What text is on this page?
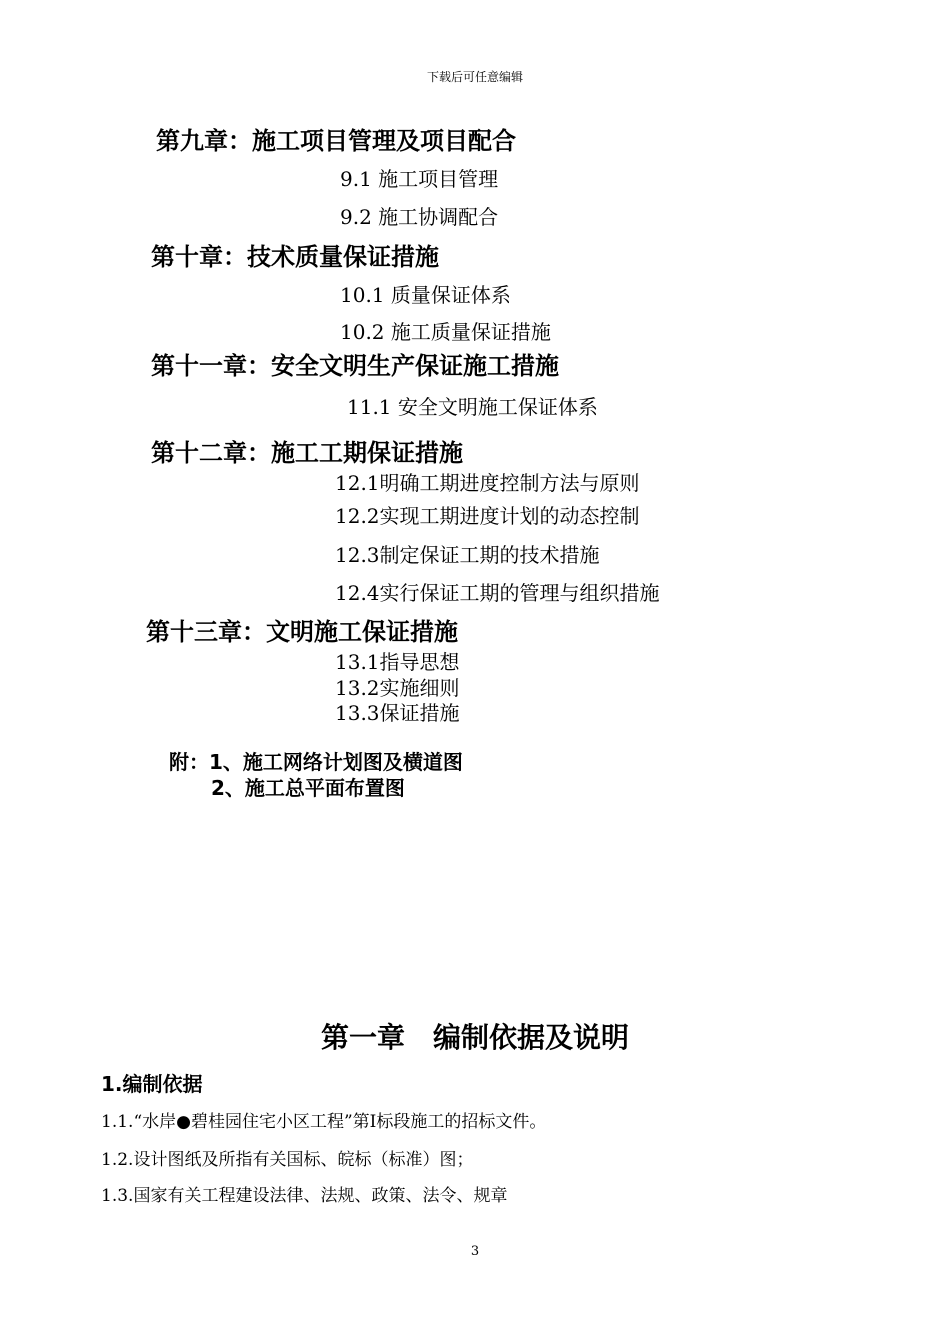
下载后可任意编辑
第九章：施工项目管理及项目配合
9.1 施工项目管理
9.2 施工协调配合
第十章：技术质量保证措施
10.1 质量保证体系
10.2 施工质量保证措施
第十一章：安全文明生产保证施工措施
11.1 安全文明施工保证体系
第十二章：施工工期保证措施
12.1明确工期进度控制方法与原则
12.2实现工期进度计划的动态控制
12.3制定保证工期的技术措施
12.4实行保证工期的管理与组织措施
第十三章：文明施工保证措施
13.1指导思想
13.2实施细则
13.3保证措施
附：1、施工网络计划图及横道图
2、施工总平面布置图
第一章　编制依据及说明
1.编制依据
1.1.“水岸●碧桂园住宅小区工程”第Ⅰ标段施工的招标文件。
1.2.设计图纸及所指有关国标、皖标（标准）图；
1.3.国家有关工程建设法律、法规、政策、法令、规章
3
